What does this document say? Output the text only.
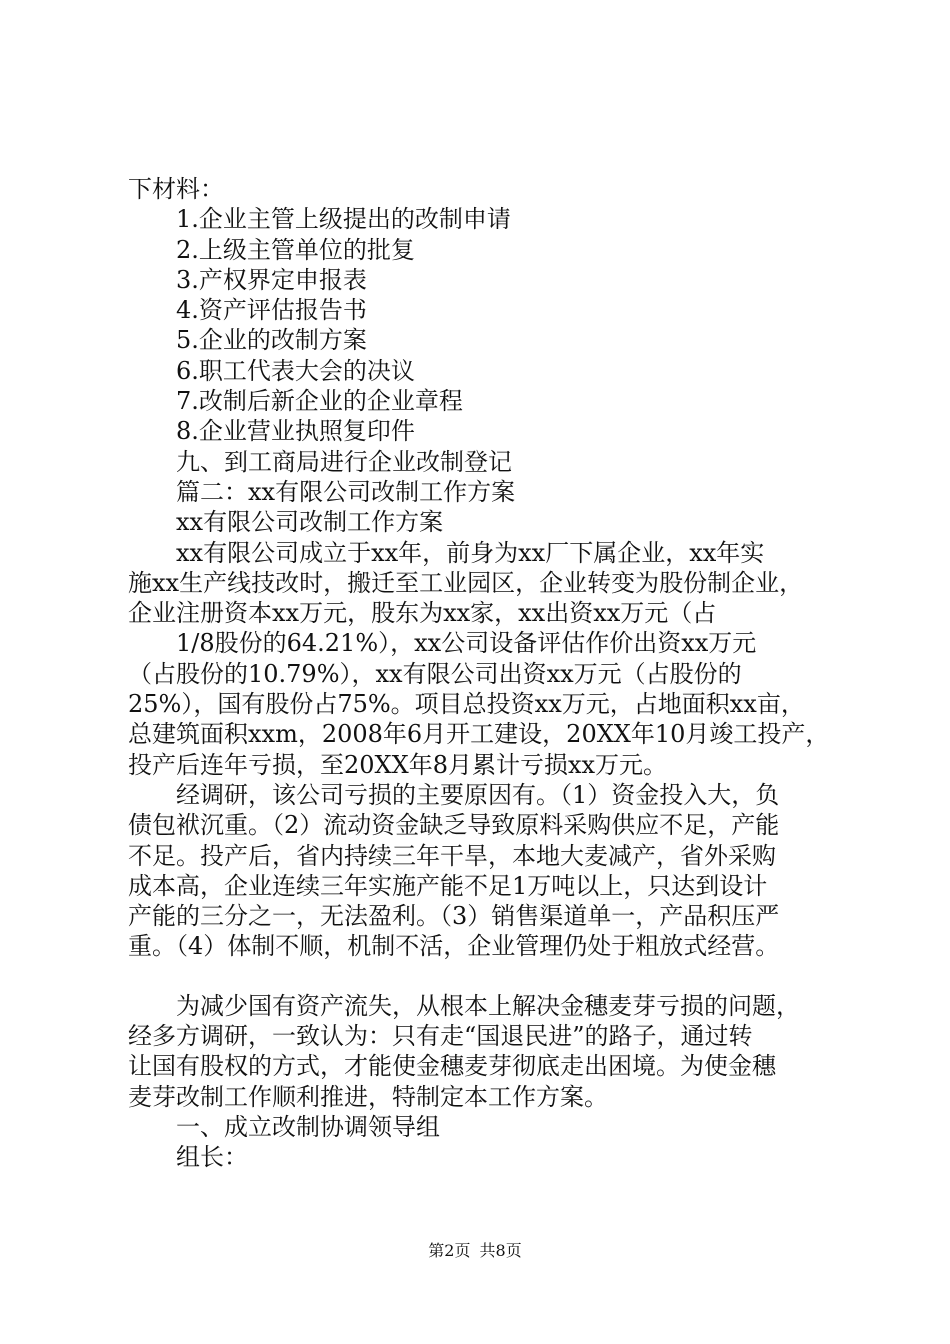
下材料：
1.企业主管上级提出的改制申请
2.上级主管单位的批复
3.产权界定申报表
4.资产评估报告书
5.企业的改制方案
6.职工代表大会的决议
7.改制后新企业的企业章程
8.企业营业执照复印件
九、到工商局进行企业改制登记
篇二：xx有限公司改制工作方案
xx有限公司改制工作方案
xx有限公司成立于xx年，前身为xx厂下属企业，xx年实
施xx生产线技改时，搬迁至工业园区，企业转变为股份制企业，
企业注册资本xx万元，股东为xx家，xx出资xx万元（占
1/8股份的64.21%），xx公司设备评估作价出资xx万元
（占股份的10.79%），xx有限公司出资xx万元（占股份的
25%），国有股份占75%。项目总投资xx万元，占地面积xx亩，
总建筑面积xxm，2008年6月开工建设，20XX年10月竣工投产，
投产后连年亏损，至20XX年8月累计亏损xx万元。
经调研，该公司亏损的主要原因有。（1）资金投入大，负
债包袱沉重。（2）流动资金缺乏导致原料采购供应不足，产能
不足。投产后，省内持续三年干旱，本地大麦减产，省外采购
成本高，企业连续三年实施产能不足1万吨以上，只达到设计
产能的三分之一，无法盈利。（3）销售渠道单一，产品积压严
重。（4）体制不顺，机制不活，企业管理仍处于粗放式经营。
为减少国有资产流失，从根本上解决金穗麦芽亏损的问题，
经多方调研，一致认为：只有走“国退民进”的路子，通过转
让国有股权的方式，才能使金穗麦芽彻底走出困境。为使金穗
麦芽改制工作顺利推进，特制定本工作方案。
一、成立改制协调领导组
组长：
第2页 共8页
